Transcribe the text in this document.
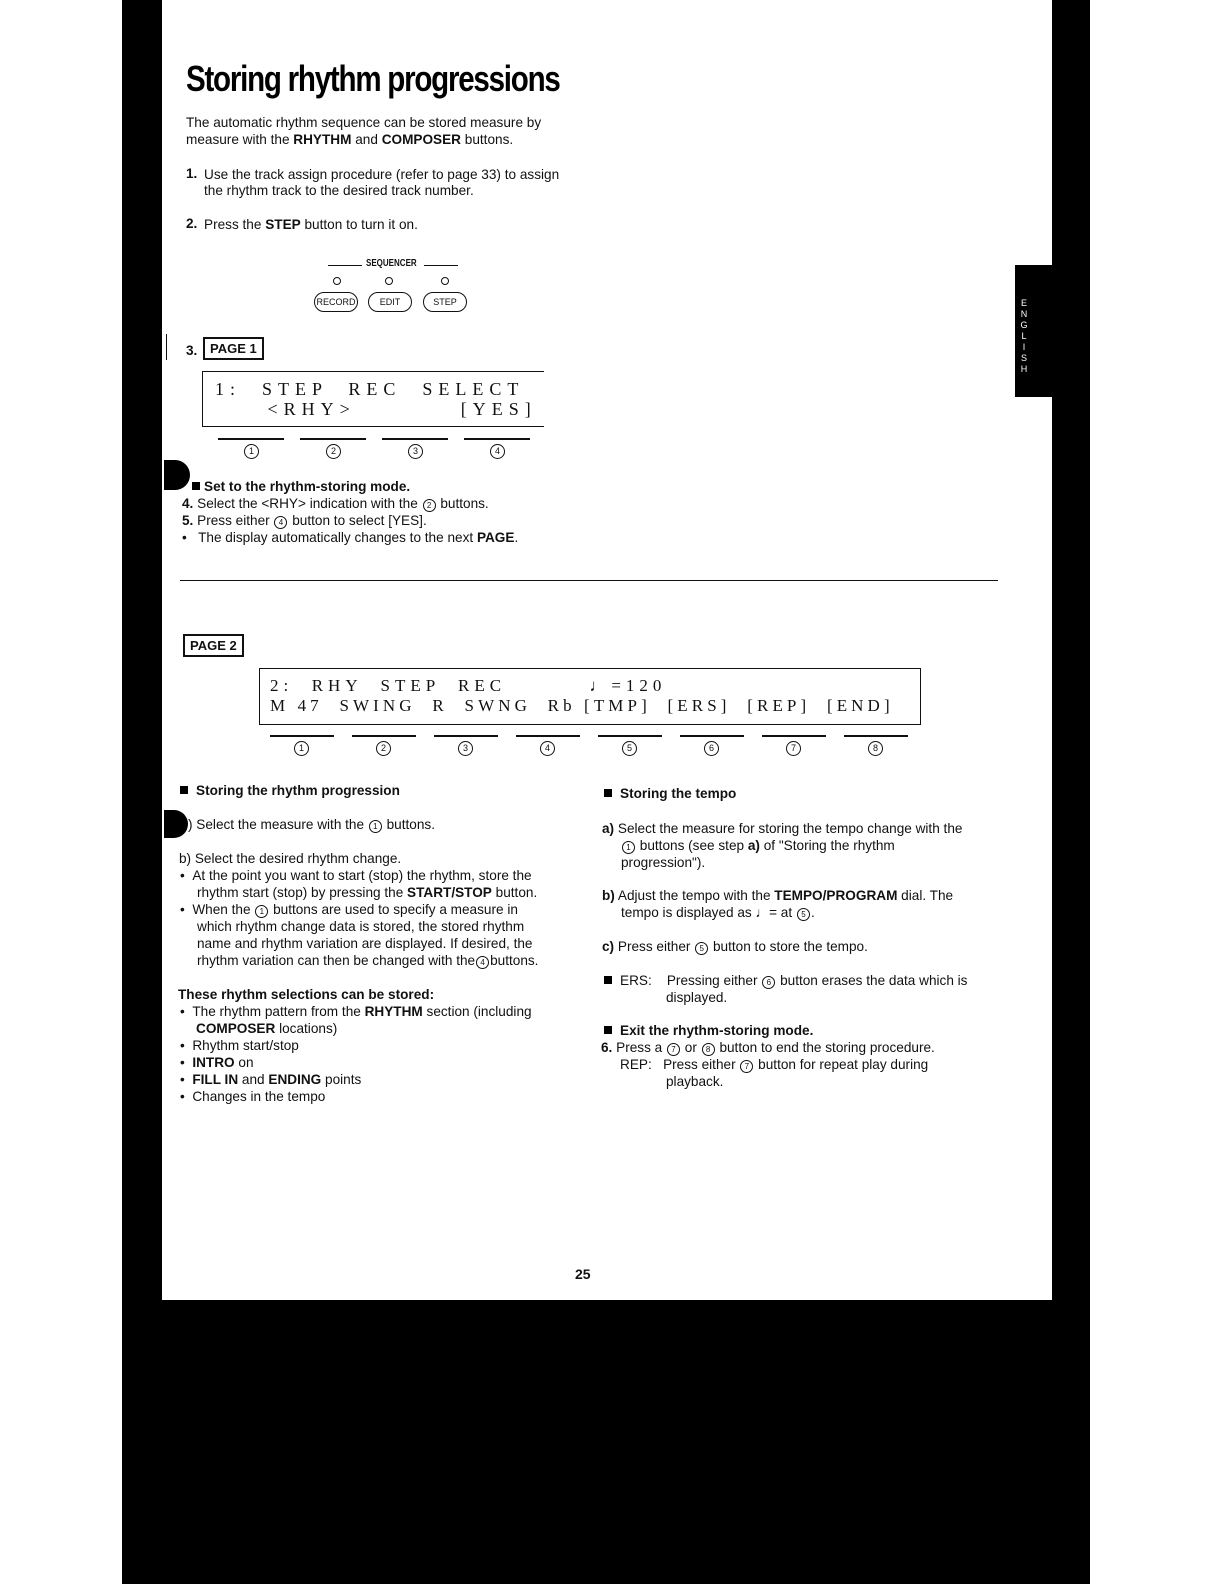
E
N
G
L
I
S
H
Storing rhythm progressions
The automatic rhythm sequence can be stored measure by
measure with the RHYTHM and COMPOSER buttons.
1. Use the track assign procedure (refer to page 33) to assign
the rhythm track to the desired track number.
2. Press the STEP button to turn it on.
SEQUENCER
RECORD	EDIT	STEP
3. PAGE 1
1:  STEP  REC  SELECT
<RHY>          [YES]
1	2	3	4
Set to the rhythm-storing mode.
4. Select the <RHY> indication with the 2 buttons.
5. Press either 4 button to select [YES].
•   The display automatically changes to the next PAGE.
PAGE 2
2:  RHY  STEP  REC         ♩=120
M 47  SWING  R  SWNG  Rb [TMP]  [ERS]  [REP]  [END]
1	2	3	4	5	6	7	8
Storing the rhythm progression
) Select the measure with the 1 buttons.
b) Select the desired rhythm change.
•  At the point you want to start (stop) the rhythm, store the
rhythm start (stop) by pressing the START/STOP button.
•  When the 1 buttons are used to specify a measure in
which rhythm change data is stored, the stored rhythm
name and rhythm variation are displayed. If desired, the
rhythm variation can then be changed with the 4 buttons.
These rhythm selections can be stored:
•  The rhythm pattern from the RHYTHM section (including
COMPOSER locations)
•  Rhythm start/stop
•  INTRO on
•  FILL IN and ENDING points
•  Changes in the tempo
Storing the tempo
a) Select the measure for storing the tempo change with the
1 buttons (see step a) of "Storing the rhythm
progression").
b) Adjust the tempo with the TEMPO/PROGRAM dial. The
tempo is displayed as ♩= at 5 .
c) Press either 5 button to store the tempo.
ERS: Pressing either 6 button erases the data which is
displayed.
Exit the rhythm-storing mode.
6. Press a 7 or 8 button to end the storing procedure.
REP: Press either 7 button for repeat play during
playback.
25
